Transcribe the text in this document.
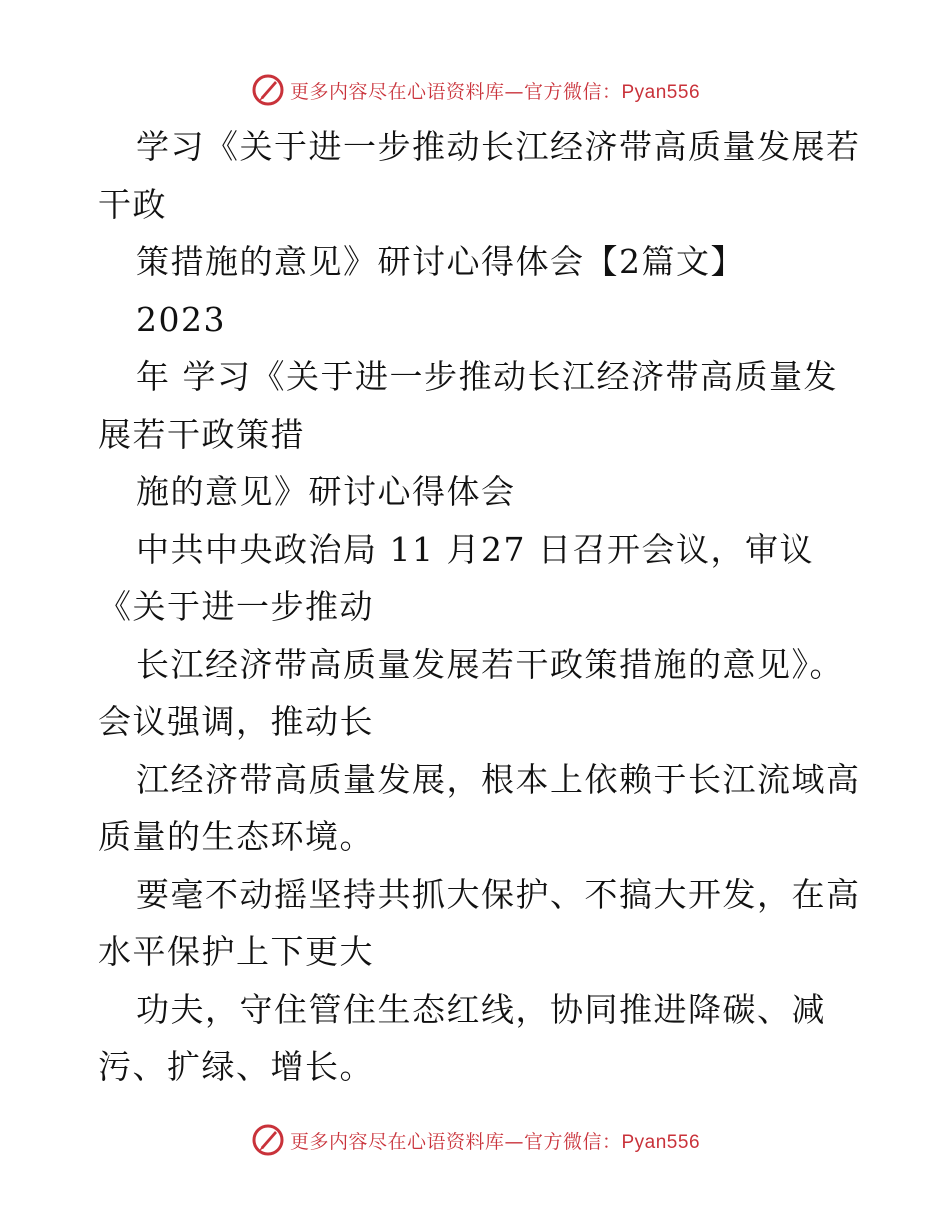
更多内容尽在心语资料库—官方微信：Pyan556
学习《关于进一步推动长江经济带高质量发展若
干政
策措施的意见》研讨心得体会【2篇文】
2023
年 学习《关于进一步推动长江经济带高质量发
展若干政策措
施的意见》研讨心得体会
中共中央政治局 11 月27 日召开会议，审议
《关于进一步推动
长江经济带高质量发展若干政策措施的意见》。
会议强调，推动长
江经济带高质量发展，根本上依赖于长江流域高
质量的生态环境。
要毫不动摇坚持共抓大保护、不搞大开发，在高
水平保护上下更大
功夫，守住管住生态红线，协同推进降碳、减
污、扩绿、增长。
更多内容尽在心语资料库—官方微信：Pyan556
